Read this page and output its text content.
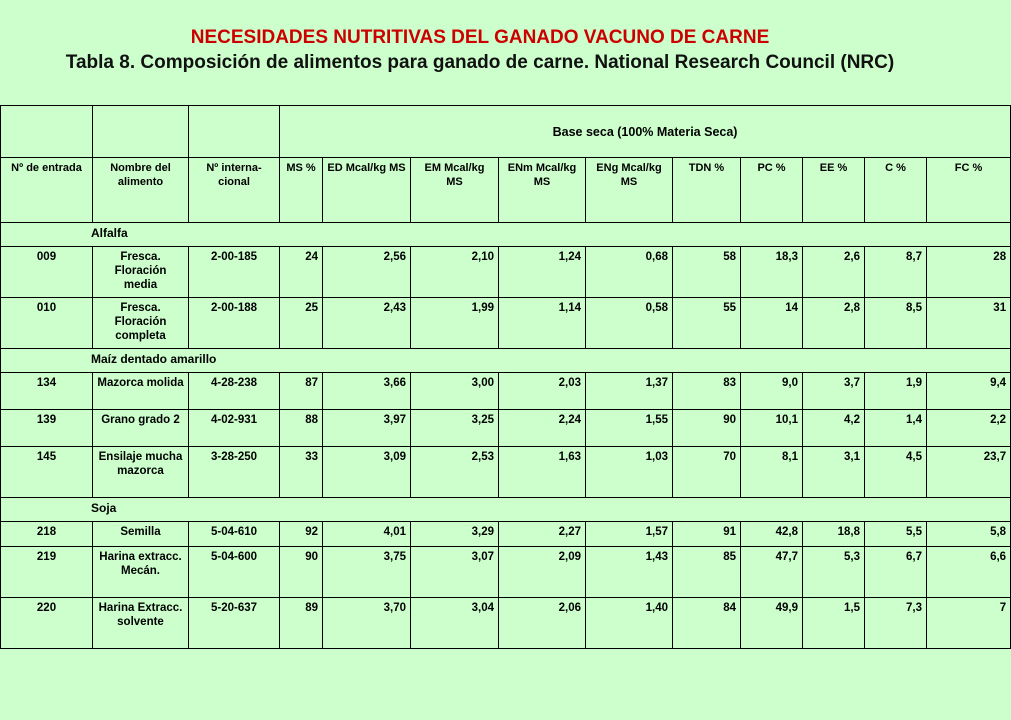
NECESIDADES NUTRITIVAS DEL GANADO VACUNO DE CARNE
Tabla 8. Composición de alimentos para ganado de carne. National Research Council (NRC)
			Base seca (100% Materia Seca)									
Nº de entrada	Nombre del alimento	Nº interna-cional	MS %	ED Mcal/kg MS	EM Mcal/kg MS	ENm Mcal/kg MS	ENg Mcal/kg MS	TDN %	PC %	EE %	C %	FC %
Alfalfa												
009	Fresca. Floración media	2-00-185	24	2,56	2,10	1,24	0,68	58	18,3	2,6	8,7	28
010	Fresca. Floración completa	2-00-188	25	2,43	1,99	1,14	0,58	55	14	2,8	8,5	31
Maíz dentado amarillo												
134	Mazorca molida	4-28-238	87	3,66	3,00	2,03	1,37	83	9,0	3,7	1,9	9,4
139	Grano grado 2	4-02-931	88	3,97	3,25	2,24	1,55	90	10,1	4,2	1,4	2,2
145	Ensilaje mucha mazorca	3-28-250	33	3,09	2,53	1,63	1,03	70	8,1	3,1	4,5	23,7
Soja												
218	Semilla	5-04-610	92	4,01	3,29	2,27	1,57	91	42,8	18,8	5,5	5,8
219	Harina extracc. Mecán.	5-04-600	90	3,75	3,07	2,09	1,43	85	47,7	5,3	6,7	6,6
220	Harina Extracc. solvente	5-20-637	89	3,70	3,04	2,06	1,40	84	49,9	1,5	7,3	7
